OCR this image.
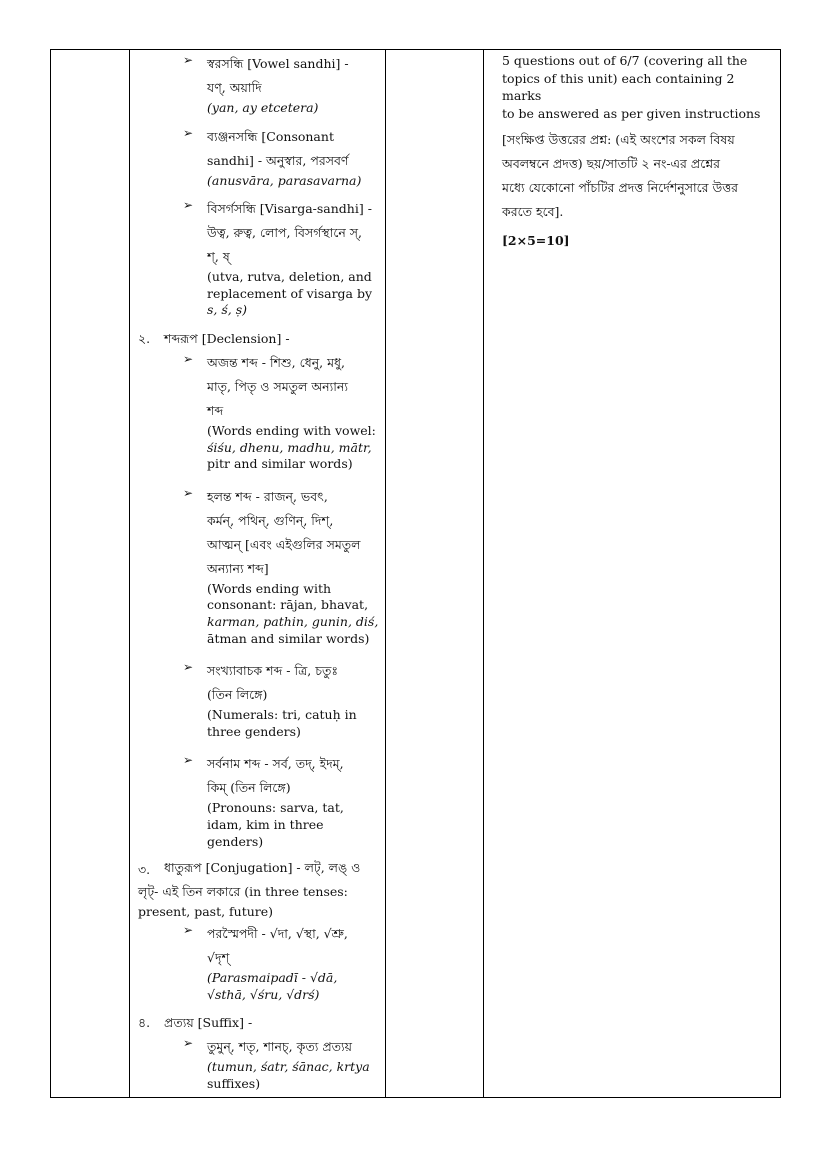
➢	স্বরসন্ধি [Vowel sandhi] -
যণ্, অয়াদি
(yan, ay etcetera)
➢	ব্যঞ্জনসন্ধি [Consonant
sandhi] - অনুস্বার, পরসবর্ণ
(anusvāra, parasavarna)
➢	বিসর্গসন্ধি [Visarga-sandhi] -
উত্ব, রুত্ব, লোপ, বিসর্গস্থানে স্,
শ্, ষ্
(utva, rutva, deletion, and
replacement of visarga by
s, ś, ṣ)
২.	শব্দরূপ [Declension] -
➢	অজন্ত শব্দ - শিশু, ধেনু, মধু,
মাতৃ, পিতৃ ও সমতুল অন্যান্য
শব্দ
(Words ending with vowel:
śiśu, dhenu, madhu, mātr,
pitr and similar words)
➢	হলন্ত শব্দ - রাজন্, ভবৎ,
কর্মন্, পথিন্, গুণিন্, দিশ্,
আত্মন্ [এবং এইগুলির সমতুল
অন্যান্য শব্দ]
(Words ending with
consonant: rājan, bhavat,
karman, pathin, gunin, diś,
ātman and similar words)
➢	সংখ্যাবাচক শব্দ - ত্রি, চতুঃ
(তিন লিঙ্গে)
(Numerals: tri, catuḥ in
three genders)
➢	সর্বনাম শব্দ - সর্ব, তদ্, ইদম্,
কিম্ (তিন লিঙ্গে)
(Pronouns: sarva, tat,
idam, kim in three genders)
৩.	ধাতুরূপ [Conjugation] - লট্, লঙ্ ও
লৃট্- এই তিন লকারে (in three tenses:
present, past, future)
➢	পরস্মৈপদী - √দা, √স্থা, √শ্রু,
√দৃশ্
(Parasmaipadī - √dā,
√sthā, √śru, √drś)
৪.	প্রত্যয় [Suffix] -
➢	তুমুন্, শতৃ, শানচ্, কৃত্য প্রত্যয়
(tumun, śatr, śānac, krtya
suffixes)

5 questions out of 6/7 (covering all the
topics of this unit) each containing 2 marks
to be answered as per given instructions

[সংক্ষিপ্ত উত্তরের প্রশ্ন: (এই অংশের সকল বিষয়
অবলম্বনে প্রদত্ত) ছয়/সাতটি ২ নং-এর প্রশ্নের
মধ্যে যেকোনো পাঁচটির প্রদত্ত নির্দেশনুসারে উত্তর
করতে হবে].

[2×5=10]
